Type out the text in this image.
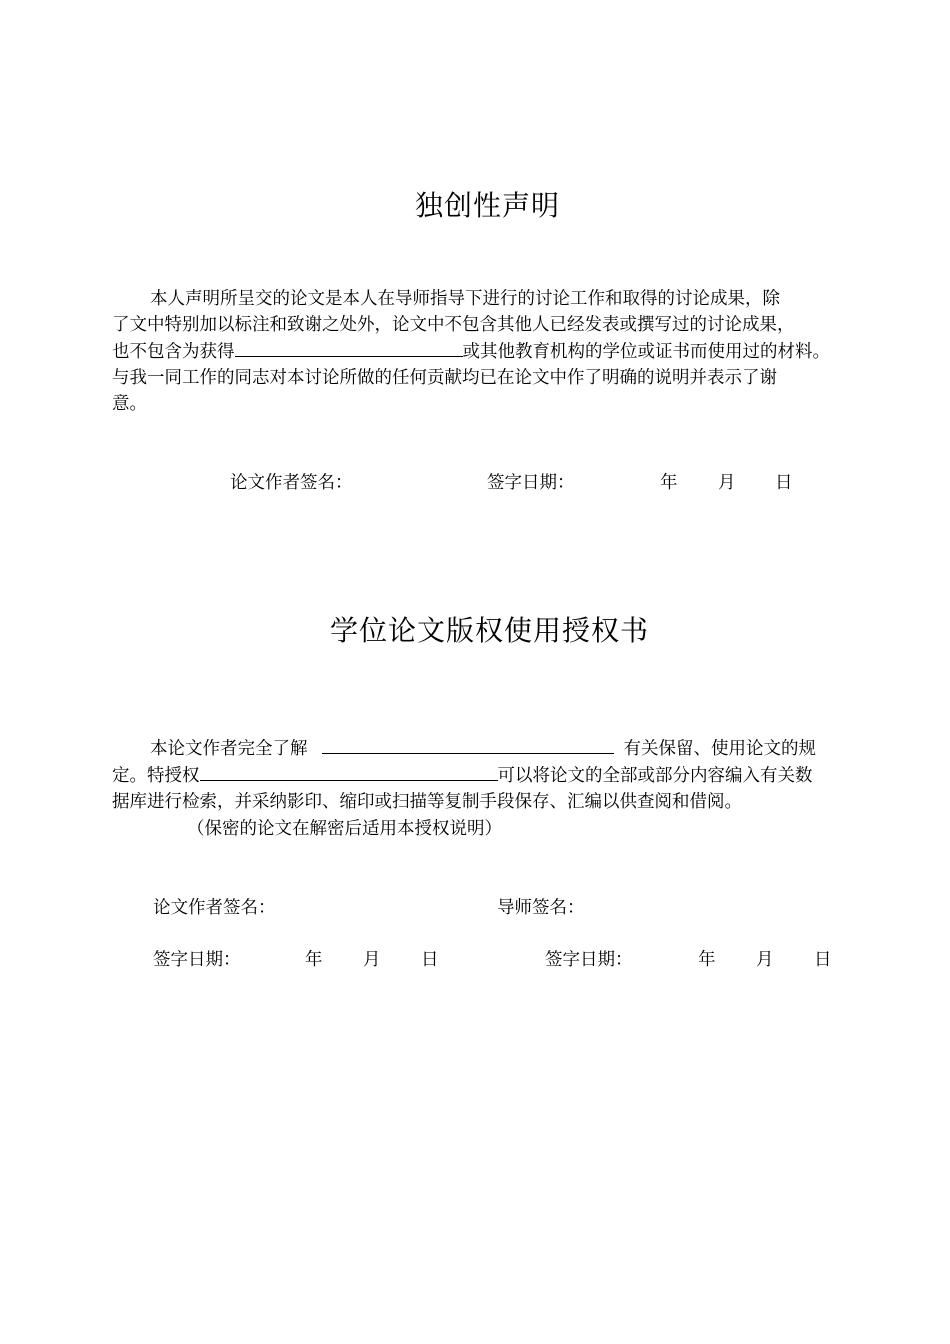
独创性声明
本人声明所呈交的论文是本人在导师指导下进行的讨论工作和取得的讨论成果，除
了文中特别加以标注和致谢之处外，论文中不包含其他人已经发表或撰写过的讨论成果，
也不包含为获得	或其他教育机构的学位或证书而使用过的材料。
与我一同工作的同志对本讨论所做的任何贡献均已在论文中作了明确的说明并表示了谢
意。
论文作者签名：	签字日期：	年 月 日
学位论文版权使用授权书
本论文作者完全了解	有关保留、使用论文的规
定。特授权	可以将论文的全部或部分内容编入有关数
据库进行检索，并采纳影印、缩印或扫描等复制手段保存、汇编以供查阅和借阅。
（保密的论文在解密后适用本授权说明）
论文作者签名：	导师签名：
签字日期：	年 月 日	签字日期：	年 月 日
